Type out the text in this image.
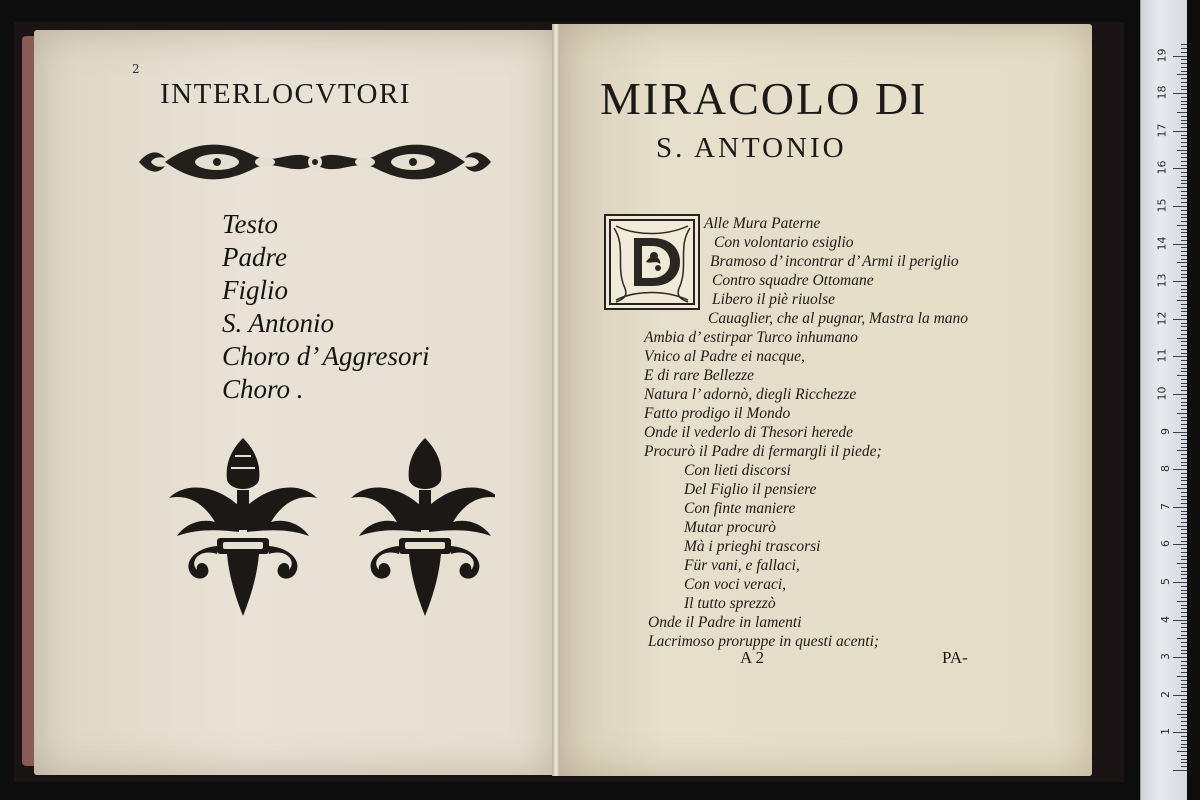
2
INTERLOCVTORI
Testo
Padre
Figlio
S. Antonio
Choro d’ Aggresori
Choro .
MIRACOLO DI
S. ANTONIO
Alle Mura Paterne
Con volontario esiglio
Bramoso d’ incontrar d’ Armi il periglio
Contro squadre Ottomane
Libero il piè riuolse
Cauaglier, che al pugnar, Mastra la mano
Ambia d’ estirpar Turco inhumano
Vnico al Padre ei nacque,
E di rare Bellezze
Natura l’ adornò, diegli Ricchezze
Fatto prodigo il Mondo
Onde il vederlo di Thesori herede
Procurò il Padre di fermargli il piede;
Con lieti discorsi
Del Figlio il pensiere
Con finte maniere
Mutar procurò
Mà i prieghi trascorsi
Für vani, e fallaci,
Con voci veraci,
Il tutto sprezzò
Onde il Padre in lamenti
Lacrimoso proruppe in questi acenti;
A 2	PA-
1
2
3
4
5
6
7
8
9
10
11
12
13
14
15
16
17
18
19
